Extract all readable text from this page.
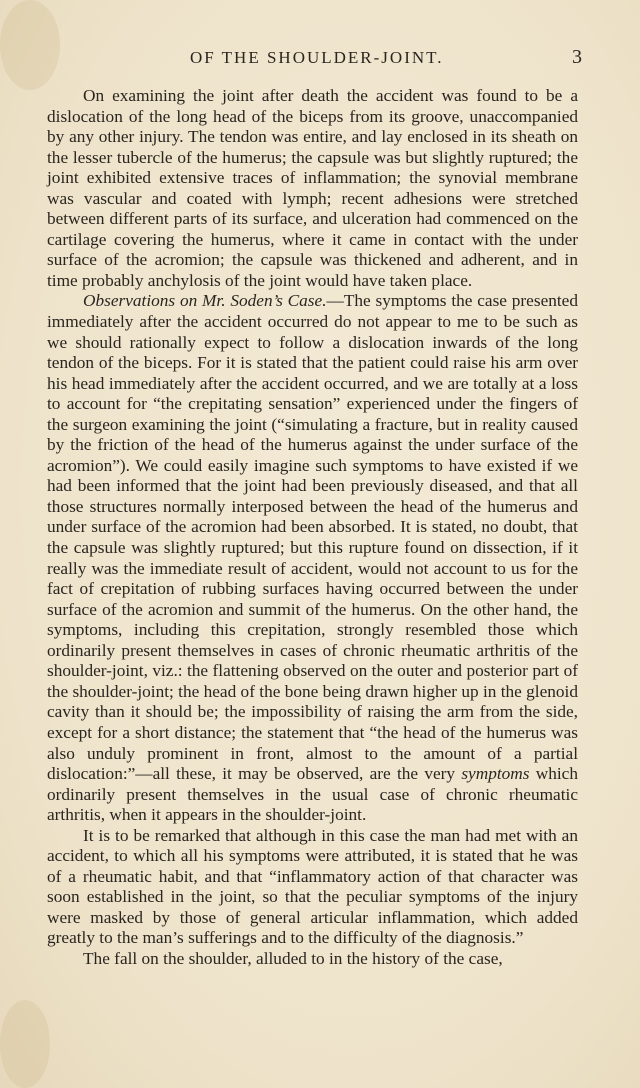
OF THE SHOULDER-JOINT.	3

On examining the joint after death the accident was found to be a dislocation of the long head of the biceps from its groove, unaccompanied by any other injury. The tendon was entire, and lay enclosed in its sheath on the lesser tubercle of the humerus; the capsule was but slightly ruptured; the joint exhibited extensive traces of inflammation; the synovial membrane was vascular and coated with lymph; recent adhesions were stretched between different parts of its surface, and ulceration had commenced on the cartilage covering the humerus, where it came in contact with the under surface of the acromion; the capsule was thickened and adherent, and in time probably anchylosis of the joint would have taken place.

Observations on Mr. Soden’s Case.—The symptoms the case presented immediately after the accident occurred do not appear to me to be such as we should rationally expect to follow a dislocation inwards of the long tendon of the biceps. For it is stated that the patient could raise his arm over his head immediately after the accident occurred, and we are totally at a loss to account for “the crepitating sensation” experienced under the fingers of the surgeon examining the joint (“simulating a fracture, but in reality caused by the friction of the head of the humerus against the under surface of the acromion”). We could easily imagine such symptoms to have existed if we had been informed that the joint had been previously diseased, and that all those structures normally interposed between the head of the humerus and under surface of the acromion had been absorbed. It is stated, no doubt, that the capsule was slightly ruptured; but this rupture found on dissection, if it really was the immediate result of accident, would not account to us for the fact of crepitation of rubbing surfaces having occurred between the under surface of the acromion and summit of the humerus. On the other hand, the symptoms, including this crepitation, strongly resembled those which ordinarily present themselves in cases of chronic rheumatic arthritis of the shoulder-joint, viz.: the flattening observed on the outer and posterior part of the shoulder-joint; the head of the bone being drawn higher up in the glenoid cavity than it should be; the impossibility of raising the arm from the side, except for a short distance; the statement that “the head of the humerus was also unduly prominent in front, almost to the amount of a partial dislocation:”—all these, it may be observed, are the very symptoms which ordinarily present themselves in the usual case of chronic rheumatic arthritis, when it appears in the shoulder-joint.

It is to be remarked that although in this case the man had met with an accident, to which all his symptoms were attributed, it is stated that he was of a rheumatic habit, and that “inflammatory action of that character was soon established in the joint, so that the peculiar symptoms of the injury were masked by those of general articular inflammation, which added greatly to the man’s sufferings and to the difficulty of the diagnosis.”

The fall on the shoulder, alluded to in the history of the case,
